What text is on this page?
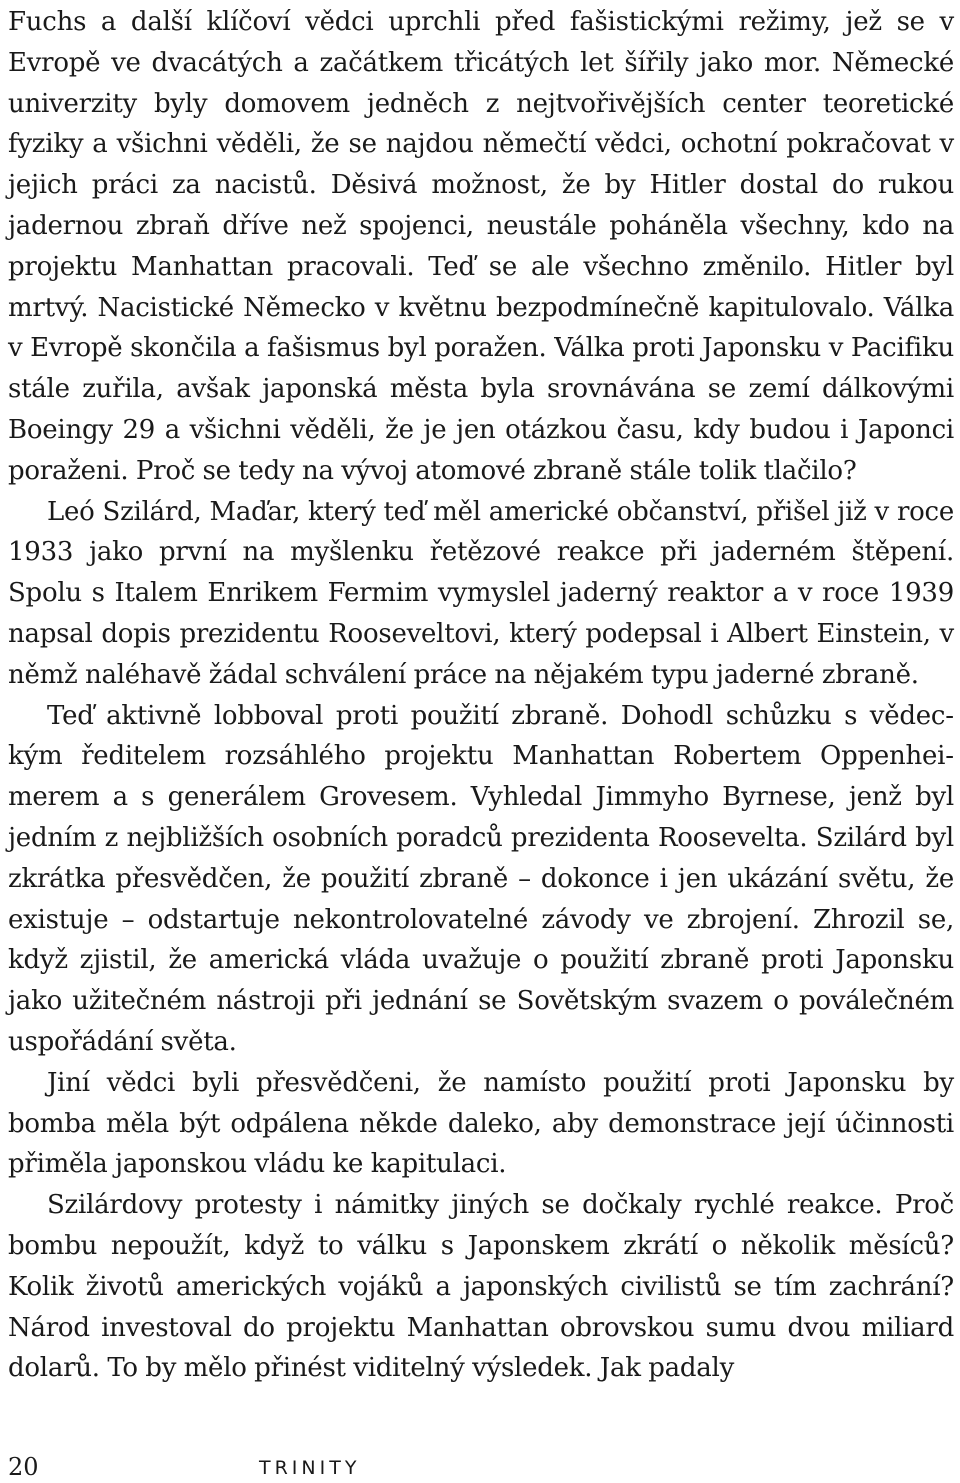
Fuchs a další klíčoví vědci uprchli před fašistickými režimy, jež se v Evropě ve dvacátých a začátkem třicátých let šířily jako mor. Německé univerzity byly domovem jedněch z nejtvořivějších center teoretické fyziky a všichni věděli, že se najdou němečtí vědci, ochotní pokračovat v jejich práci za nacistů. Děsivá možnost, že by Hitler dostal do rukou jadernou zbraň dříve než spojenci, neustále poháněla všechny, kdo na projektu Manhattan pracovali. Teď se ale všechno změnilo. Hitler byl mrtvý. Nacistické Německo v květnu bezpodmínečně kapitulovalo. Válka v Evropě skončila a fašismus byl poražen. Válka proti Japonsku v Pacifiku stále zuřila, avšak japonská města byla srovnávána se zemí dálkovými Boeingy 29 a všichni věděli, že je jen otázkou času, kdy budou i Japonci poraženi. Proč se tedy na vývoj atomové zbraně stále tolik tlačilo?

Leó Szilárd, Maďar, který teď měl americké občanství, přišel již v roce 1933 jako první na myšlenku řetězové reakce při jaderném štěpení. Spolu s Italem Enrikem Fermim vymyslel jaderný reaktor a v roce 1939 napsal dopis prezidentu Rooseveltovi, který podepsal i Albert Einstein, v němž naléhavě žádal schválení práce na nějakém typu jaderné zbraně.

Teď aktivně lobboval proti použití zbraně. Dohodl schůzku s vědeckým ředitelem rozsáhlého projektu Manhattan Robertem Oppenheimerem a s generálem Grovesem. Vyhledal Jimmyho Byrnese, jenž byl jedním z nejbližších osobních poradců prezidenta Roosevelta. Szilárd byl zkrátka přesvědčen, že použití zbraně – dokonce i jen ukázání světu, že existuje – odstartuje nekontrolovatelné závody ve zbrojení. Zhrozil se, když zjistil, že americká vláda uvažuje o použití zbraně proti Japonsku jako užitečném nástroji při jednání se Sovětským svazem o poválečném uspořádání světa.

Jiní vědci byli přesvědčeni, že namísto použití proti Japonsku by bomba měla být odpálena někde daleko, aby demonstrace její účinnosti přiměla japonskou vládu ke kapitulaci.

Szilárdovy protesty i námitky jiných se dočkaly rychlé reakce. Proč bombu nepoužít, když to válku s Japonskem zkrátí o několik měsíců? Kolik životů amerických vojáků a japonských civilistů se tím zachrání? Národ investoval do projektu Manhattan obrovskou sumu dvou miliard dolarů. To by mělo přinést viditelný výsledek. Jak padaly

20	TRINITY
